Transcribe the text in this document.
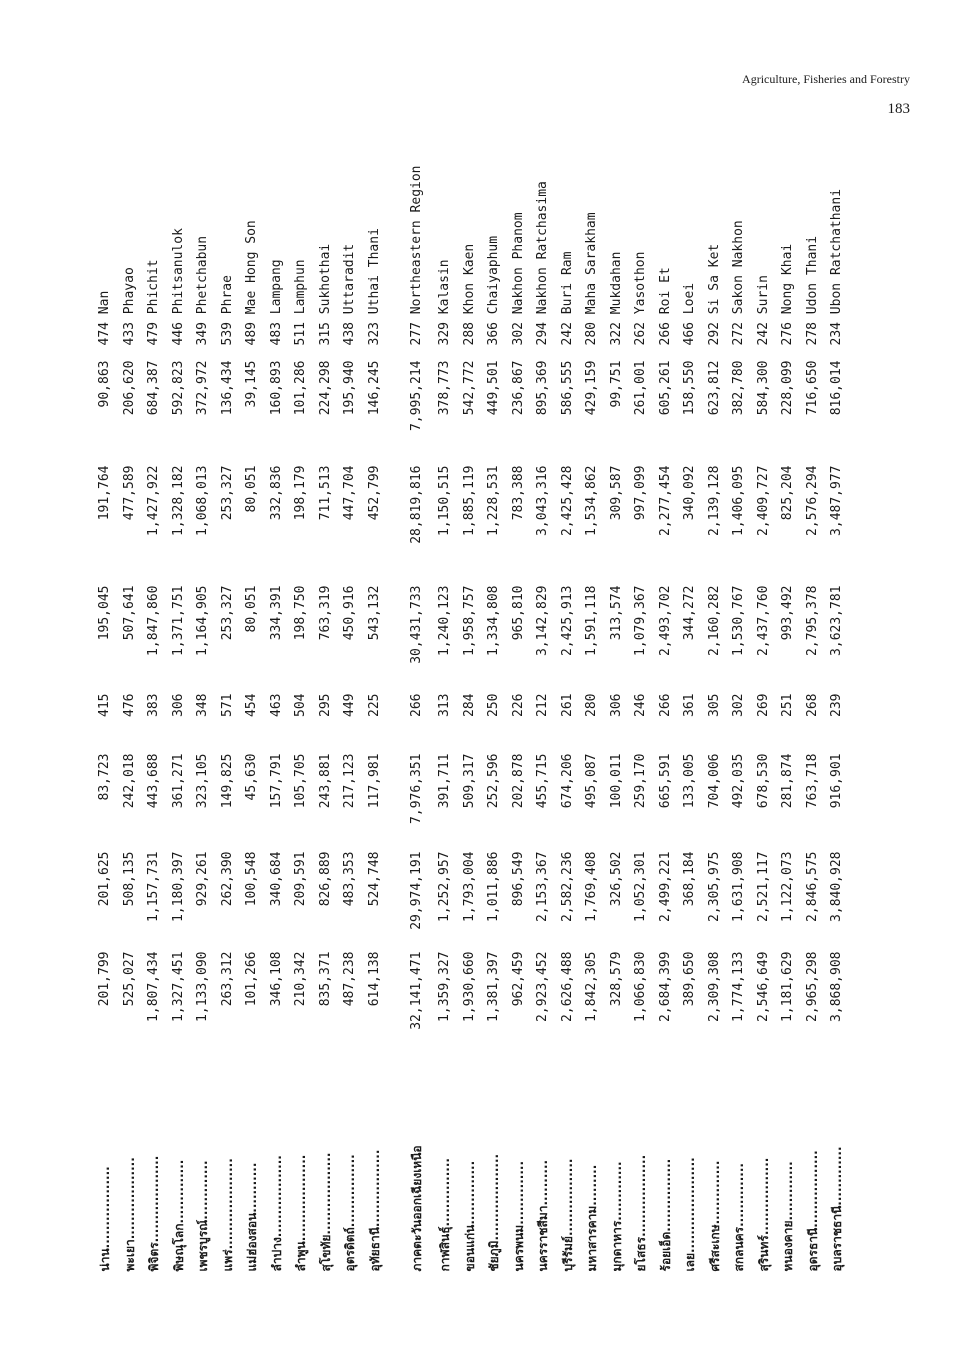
Agriculture, Fisheries and Forestry
183
น่าน..................	201,799	201,625	83,723	415	195,045	191,764	90,863	474 Nan
พะเยา..................	525,027	508,135	242,018	476	507,641	477,589	206,620	433 Phayao
พิจิตร...................	1,807,434	1,157,731	443,688	383	1,847,860	1,427,922	684,387	479 Phichit
พิษณุโลก..............	1,327,451	1,180,397	361,271	306	1,371,751	1,328,182	592,823	446 Phitsanulok
เพชรบูรณ์.............	1,133,090	929,261	323,105	348	1,164,905	1,068,013	372,972	349 Phetchabun
แพร่....................	263,312	262,390	149,825	571	253,327	253,327	136,434	539 Phrae
แม่ฮ่องสอน...........	101,266	100,548	45,630	454	80,051	80,051	39,145	489 Mae Hong Son
ลำปาง..................	346,108	340,684	157,791	463	334,391	332,836	160,893	483 Lampang
ลำพูน...................	210,342	209,591	105,705	504	198,750	198,179	101,286	511 Lamphun
สุโขทัย..................	835,371	826,889	243,881	295	763,319	711,513	224,298	315 Sukhothai
อุตรดิตถ์................	487,238	483,353	217,123	449	450,916	447,704	195,940	438 Uttaradit
อุทัยธานี.................	614,138	524,748	117,981	225	543,132	452,799	146,245	323 Uthai Thani

ภาคตะวันออกเฉียงเหนือ	32,141,471	29,974,191	7,976,351	266	30,431,733	28,819,816	7,995,214	277 Northeastern Region
กาฬสินธุ์...............	1,359,327	1,252,957	391,711	313	1,240,123	1,150,515	378,773	329 Kalasin
ขอนแก่น..............	1,930,660	1,793,004	509,317	284	1,958,757	1,885,119	542,772	288 Khon Kaen
ชัยภูมิ...................	1,381,397	1,011,886	252,596	250	1,334,808	1,228,531	449,501	366 Chaiyaphum
นครพนม..............	962,459	896,549	202,878	226	965,810	783,388	236,867	302 Nakhon Phanom
นครราชสีมา..........	2,923,452	2,153,367	455,715	212	3,142,829	3,043,316	895,369	294 Nakhon Ratchasima
บุรีรัมย์.................	2,626,488	2,582,236	674,206	261	2,425,913	2,425,428	586,555	242 Buri Ram
มหาสารคาม.........	1,842,305	1,769,408	495,087	280	1,591,118	1,534,862	429,159	280 Maha Sarakham
มุกดาหาร.............	328,579	326,502	100,011	306	313,574	309,587	99,751	322 Mukdahan
ยโสธร..................	1,066,830	1,052,301	259,170	246	1,079,367	997,099	261,001	262 Yasothon
ร้อยเอ็ด................	2,684,399	2,499,221	665,591	266	2,493,702	2,277,454	605,261	266 Roi Et
เลย.....................	389,650	368,184	133,005	361	344,272	340,092	158,550	466 Loei
ศรีสะเกษ..............	2,309,308	2,305,975	704,006	305	2,160,282	2,139,128	623,812	292 Si Sa Ket
สกลนคร..............	1,774,133	1,631,908	492,035	302	1,530,767	1,406,095	382,780	272 Sakon Nakhon
สุรินทร์.................	2,546,649	2,521,117	678,530	269	2,437,760	2,409,727	584,300	242 Surin
หนองคาย.............	1,181,629	1,122,073	281,874	251	993,492	825,204	228,099	276 Nong Khai
อุดรธานี.................	2,965,298	2,846,575	763,718	268	2,795,378	2,576,294	716,650	278 Udon Thani
อุบลราชธานี.............	3,868,908	3,840,928	916,901	239	3,623,781	3,487,977	816,014	234 Ubon Ratchathani
